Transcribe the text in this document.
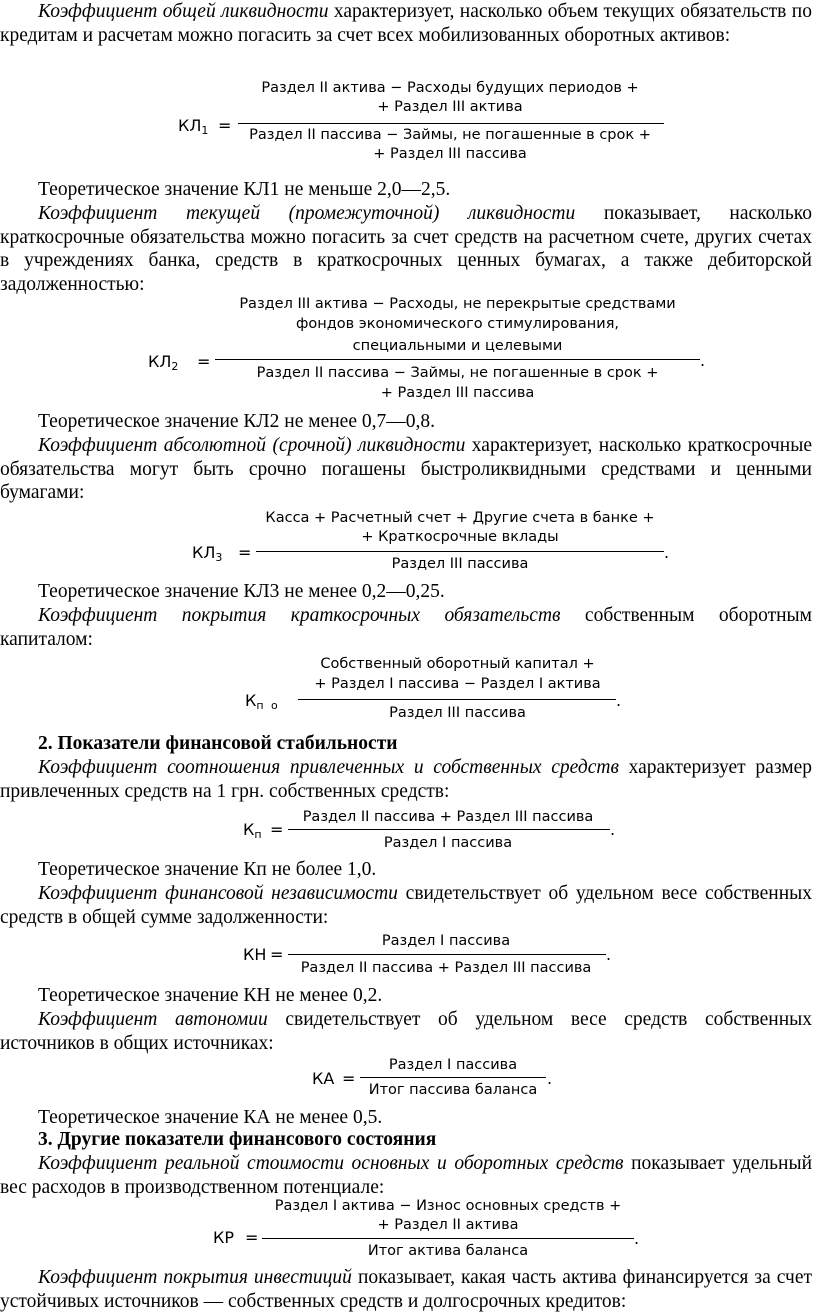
Коэффициент общей ликвидности характеризует, насколько объем текущих обязательств по кредитам и расчетам можно погасить за счет всех мобилизованных оборотных активов:

$КЛ_1$ =
Раздел II актива − Расходы будущих периодов +
+ Раздел III актива
Раздел II пассива − Займы, не погашенные в срок +
+ Раздел III пассива
Теоретическое значение КЛ1 не меньше 2,0—2,5.

Коэффициент текущей (промежуточной) ликвидности показывает, насколько краткосрочные обязательства можно погасить за счет средств на расчетном счете, других счетах в учреждениях банка, средств в краткосрочных ценных бумагах, а также дебиторской задолженностью:

$КЛ_2$ =
Раздел III актива − Расходы, не перекрытые средствами
фондов экономического стимулирования,
специальными и целевыми
.
Раздел II пассива − Займы, не погашенные в срок +
+ Раздел III пассива
Теоретическое значение КЛ2 не менее 0,7—0,8.

Коэффициент абсолютной (срочной) ликвидности характеризует, насколько краткосрочные обязательства могут быть срочно погашены быстроликвидными средствами и ценными бумагами:

$КЛ_3$ =
Касса + Расчетный счет + Другие счета в банке +
+ Краткосрочные вклады
.
Раздел III пассива
Теоретическое значение КЛ3 не менее 0,2—0,25.

Коэффициент покрытия краткосрочных обязательств собственным оборотным капиталом:

$К_{п о}$
Собственный оборотный капитал +
+ Раздел I пассива − Раздел I актива
.
Раздел III пассива
2. Показатели финансовой стабильности

Коэффициент соотношения привлеченных и собственных средств характеризует размер привлеченных средств на 1 грн. собственных средств:

$К_п$ =
Раздел II пассива + Раздел III пассива
.
Раздел I пассива
Теоретическое значение Кп не более 1,0.

Коэффициент финансовой независимости свидетельствует об удельном весе собственных средств в общей сумме задолженности:

КН =
Раздел I пассива
.
Раздел II пассива + Раздел III пассива
Теоретическое значение КН не менее 0,2.

Коэффициент автономии свидетельствует об удельном весе средств собственных источников в общих источниках:

КА =
Раздел I пассива
.
Итог пассива баланса
Теоретическое значение КА не менее 0,5.
3. Другие показатели финансового состояния

Коэффициент реальной стоимости основных и оборотных средств показывает удельный вес расходов в производственном потенциале:

КР =
Раздел I актива − Износ основных средств +
+ Раздел II актива
.
Итог актива баланса

Коэффициент покрытия инвестиций показывает, какая часть актива финансируется за счет устойчивых источников — собственных средств и долгосрочных кредитов:
